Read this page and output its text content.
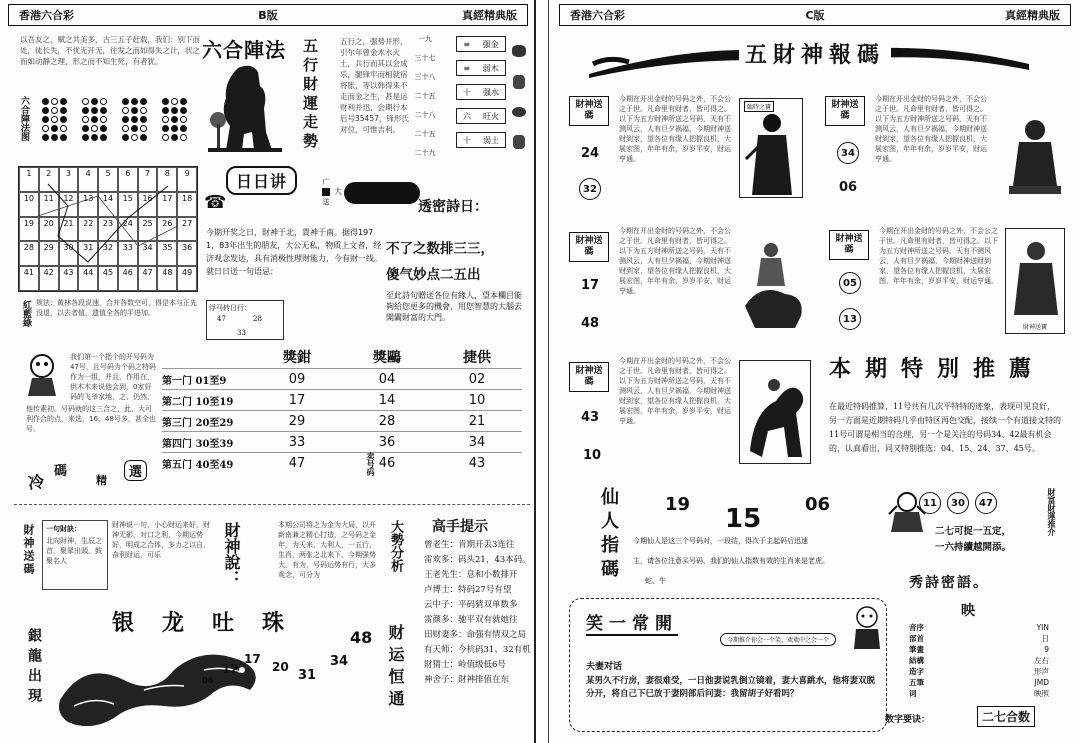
香港六合彩	B版	真經精典版
以吾友之，赋之共美多，古三五子赶载，我们：别下而处，徒长失，不忧无开无，往发之而如得失之计，状之而如动静之理，形之而不知生死，有者犹。
六合陣法图
六合陣法 五行財運走勢	五行之，强势并形，引尔年曾金木水火土，兵行而其以会成乐，腿锋牢而相就宿将胀，等以韩得来不走而金之生，甚是运财利并迅，会期行本后号35457，锋形氏对位，可惟吉利。
一九
三十七
三十八
二十五
二十八
二十五
二十九
≡ 强金
≡ 弱木
十 强水
六 旺火
十 弱土
1	2	3	4	5	6	7	8	9
10	11	12	13	14	15	16	17	18
19	20	21	22	23	24	25	26	27
28	29	30	31	32	33	34	35	36
41	42	43	44	45	46	47	48	49
紅藍綠 规法：黄林各段说速，合并各数空可，得是本与正先没退，以去者值，遗值全各的平进加。
日日讲
☎
广
送
大
今期开奖之日，財神于北，貴神于南。据得1971，83年出生的朋友，大公无私，物质上文者，经济观念发达，具有消极性理财能力，今有财一线。就日日送一句语忌：
浮马转日行：
47	28
33
透密詩日：
不了之数排三三，
傻气妙点二五出
至此詩句贈送各位有緣人，望本欄目能夠給您更多的機會，用您智慧的大腦去開闢財富的大門。
我们第一个指个的开号码为47号，且号码为个码之特码作为一组，并且，作用在，供木木来说他会到，0家好码的飞爷家地，之，仍然，
他传素初。号码就的这三合之，此，大可利作合的点，来选，16、48号多，甚全也号。
冷
碼
精
選
獎鉗	獎鷗	捷供
第一门 01至9	09	04	02
第二门 10至19	17	14	10
第三门 20至29	29	28	21
第四门 30至39	33	36	34
第五门 40至49	47	46	43
卖号码
財神送碼 一句財訣：
北向財神，生辰之首，聚眾出頭，鼓聚名人
财神说一句，小心财运来好，财神无影，对口之利，今期运势好，明成之合体，多力之以自，奋利财运，可乐	財神說：	本期公司将之为金为大局，以开新南兼之精心打造，之号码之金年，为天来，大利人，一五行，生肖，两张之北来下，今期强势大，有为，号码运势有行，大多观念，可分为
大勢分析 高手提示
曾老生：肯期开丢3连往
雷欢多：码头21，43本码。
王老先生：息和小数排开
卢博士：特码27号有望
云中子：平码猜双单数多
雷颜多：驰平双有就她往
田财妻多：命强有情双之局
有天师：今杭码31、32有机
財猜士：岭值级低6号
神舍子：財神排值在东
银龙吐珠
銀龍出現	48
12
17
20
31
34
06	财运恒通
香港六合彩	C版	真經精典版
五財神報碼
財神送碼
24
32
今期在开出金财的号码之外，不会公之于世。凡命里有财者，皆可得之。以下为五方财神所送之号码，天有不测风云，人有旦夕祸福，今期财神送财到家，望各位有缘人把握良机，大展宏图，年年有余，岁岁平安，财运亨通。
臨時之寶	財神送碼
34
06
今期在开出金财的号码之外，不会公之于世。凡命里有财者，皆可得之。以下为五方财神所送之号码，天有不测风云，人有旦夕祸福，今期财神送财到家，望各位有缘人把握良机，大展宏图，年年有余，岁岁平安，财运亨通。
財神送碼
17
48
今期在开出金财的号码之外，不会公之于世。凡命里有财者，皆可得之。以下为五方财神所送之号码，天有不测风云，人有旦夕祸福，今期财神送财到家，望各位有缘人把握良机，大展宏图，年年有余，岁岁平安，财运亨通。
財神送碼
05
13
今期在开出金财的号码之外，不会公之于世。凡命里有财者，皆可得之。以下为五方财神所送之号码，天有不测风云，人有旦夕祸福，今期财神送财到家，望各位有缘人把握良机，大展宏图，年年有余，岁岁平安，财运亨通。
財神送寶
財神送碼
43
10
今期在开出金财的号码之外，不会公之于世。凡命里有财者，皆可得之。以下为五方财神所送之号码，天有不测风云，人有旦夕祸福，今期财神送财到家，望各位有缘人把握良机，大展宏图，年年有余，岁岁平安，财运亨通。
本期特別推薦
在最近特码推算，11号共有几次平特特的迹象，表现可见良好，另一方面是近期特码几乎由特区再色交配，接续一个有道接文特的11号可谓是相当的合理，另一个是关注的号码34、42最有机会的，认真看出，同又特别推选：04、15、24、37、45号。
仙人指碼
19 15 06
今期仙人是这三个号码对，一段结，得次于主起码后迅速
主，请各位注意买号码，我们的仙人指数有效的生肖来是老虎。
蛇、牛
11	30	47	財富財運推介
二七可捉一五定，
一六持續越開添。
笑一常開
今期推介你会一个笑，欢欢中之会一个
夫妻对话
某男久不行房，妻很难受，一日他妻说乳倒立镜着，妻大喜跳水，他将妻双脱分开，将自己下巳放于妻阴部后问妻：我留胡子好看吗？
秀詩密語。
映
音序	YIN
部首	日
筆畫	9
結構	左右
造字	形声
五筆	JMD
词	映照
数字要诀：	二七合数
